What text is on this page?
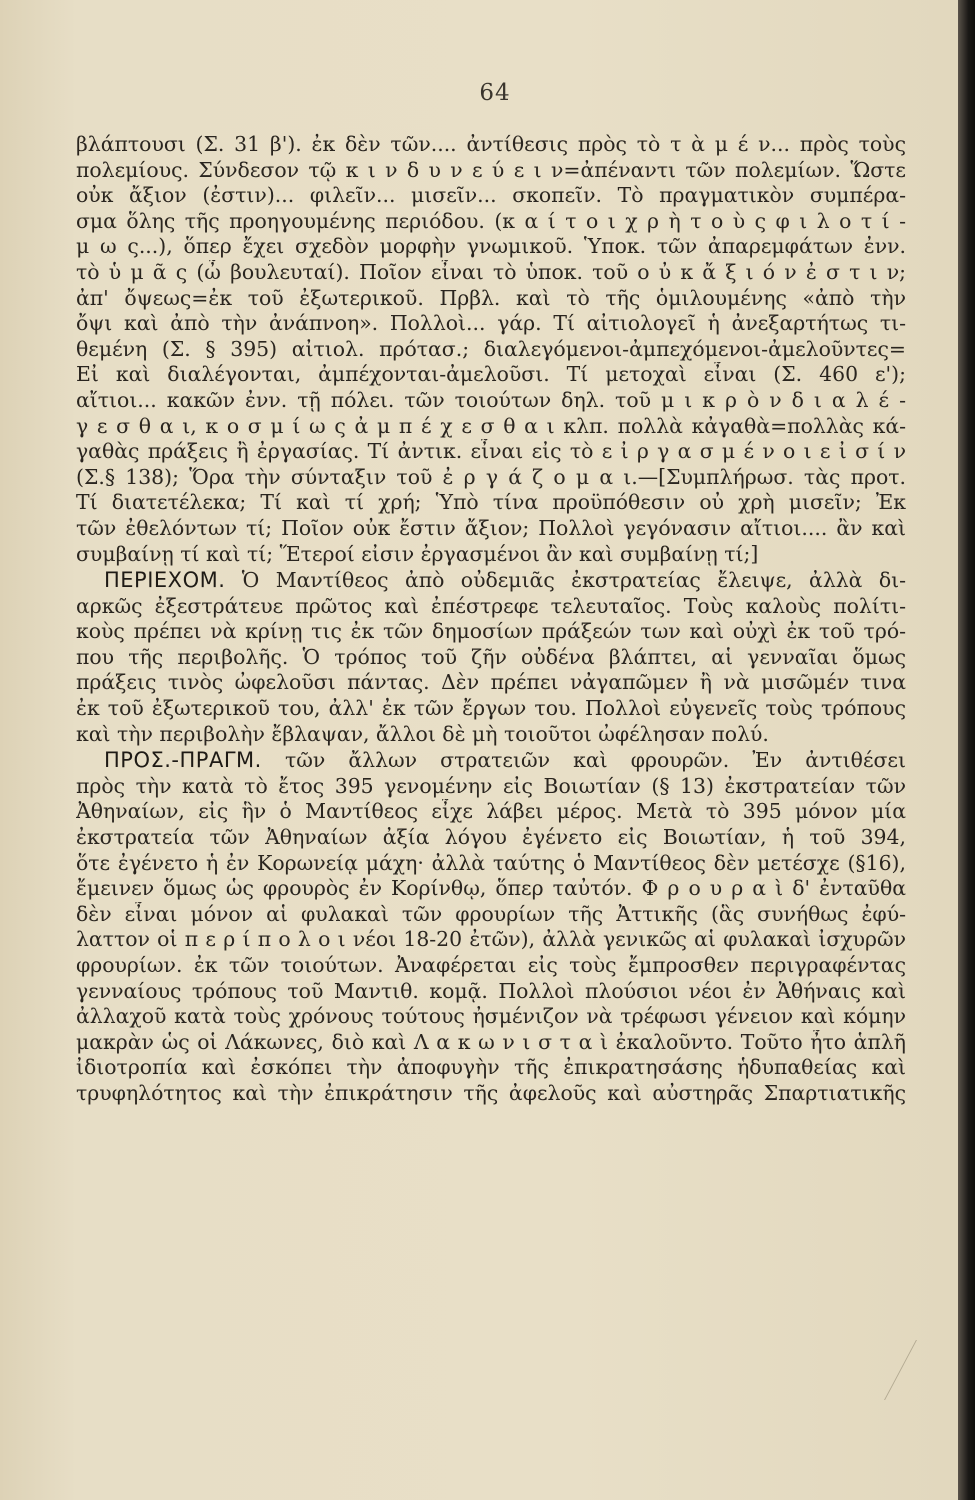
64
βλάπτουσι (Σ. 31 β'). ἐκ δὲν τῶν.... ἀντίθεσις πρὸς τὸ τ ὰ μ έ ν... πρὸς τοὺς
πολεμίους. Σύνδεσον τῷ κ ι ν δ υ ν ε ύ ε ι ν=ἀπέναντι τῶν πολεμίων. Ὥστε
οὐκ ἄξιον (ἐστιν)... φιλεῖν... μισεῖν... σκοπεῖν. Τὸ πραγματικὸν συμπέρα-
σμα ὅλης τῆς προηγουμένης περιόδου. (κ α ί τ ο ι χ ρ ὴ τ ο ὺ ς φ ι λ ο τ ί -
μ ω ς...), ὅπερ ἔχει σχεδὸν μορφὴν γνωμικοῦ. Ὑποκ. τῶν ἀπαρεμφάτων ἐνν.
τὸ ὑ μ ᾶ ς (ὦ βουλευταί). Ποῖον εἶναι τὸ ὑποκ. τοῦ ο ὐ κ ἄ ξ ι ό ν ἐ σ τ ι ν;
ἀπ' ὄψεως=ἐκ τοῦ ἐξωτερικοῦ. Πρβλ. καὶ τὸ τῆς ὁμιλουμένης «ἀπὸ τὴν
ὄψι καὶ ἀπὸ τὴν ἀνάπνοη». Πολλοὶ... γάρ. Τί αἰτιολογεῖ ἡ ἀνεξαρτήτως τι-
θεμένη (Σ. § 395) αἰτιολ. πρότασ.; διαλεγόμενοι-ἀμπεχόμενοι-ἀμελοῦντες=
Εἰ καὶ διαλέγονται, ἀμπέχονται-ἀμελοῦσι. Τί μετοχαὶ εἶναι (Σ. 460 ε');
αἴτιοι... κακῶν ἐνν. τῇ πόλει. τῶν τοιούτων δηλ. τοῦ μ ι κ ρ ὸ ν δ ι α λ έ -
γ ε σ θ α ι, κ ο σ μ ί ω ς ἀ μ π έ χ ε σ θ α ι κλπ. πολλὰ κἀγαθὰ=πολλὰς κά-
γαθὰς πράξεις ἢ ἐργασίας. Τί ἀντικ. εἶναι εἰς τὸ ε ἰ ρ γ α σ μ έ ν ο ι ε ἰ σ ί ν
(Σ.§ 138); Ὅρα τὴν σύνταξιν τοῦ ἐ ρ γ ά ζ ο μ α ι.—[Συμπλήρωσ. τὰς προτ.
Τί διατετέλεκα; Τί καὶ τί χρή; Ὑπὸ τίνα προϋπόθεσιν οὐ χρὴ μισεῖν; Ἐκ
τῶν ἐθελόντων τί; Ποῖον οὐκ ἔστιν ἄξιον; Πολλοὶ γεγόνασιν αἴτιοι.... ἂν καὶ
συμβαίνῃ τί καὶ τί; Ἕτεροί εἰσιν ἐργασμένοι ἂν καὶ συμβαίνῃ τί;]
ΠΕΡΙΕΧΟΜ. Ὁ Μαντίθεος ἀπὸ οὐδεμιᾶς ἐκστρατείας ἔλειψε, ἀλλὰ δι-
αρκῶς ἐξεστράτευε πρῶτος καὶ ἐπέστρεφε τελευταῖος. Τοὺς καλοὺς πολίτι-
κοὺς πρέπει νὰ κρίνῃ τις ἐκ τῶν δημοσίων πράξεών των καὶ οὐχὶ ἐκ τοῦ τρό-
που τῆς περιβολῆς. Ὁ τρόπος τοῦ ζῆν οὐδένα βλάπτει, αἱ γενναῖαι ὅμως
πράξεις τινὸς ὠφελοῦσι πάντας. Δὲν πρέπει νἀγαπῶμεν ἢ νὰ μισῶμέν τινα
ἐκ τοῦ ἐξωτερικοῦ του, ἀλλ' ἐκ τῶν ἔργων του. Πολλοὶ εὐγενεῖς τοὺς τρόπους
καὶ τὴν περιβολὴν ἔβλαψαν, ἄλλοι δὲ μὴ τοιοῦτοι ὠφέλησαν πολύ.
ΠΡΟΣ.-ΠΡΑΓΜ. τῶν ἄλλων στρατειῶν καὶ φρουρῶν. Ἐν ἀντιθέσει
πρὸς τὴν κατὰ τὸ ἔτος 395 γενομένην εἰς Βοιωτίαν (§ 13) ἐκστρατείαν τῶν
Ἀθηναίων, εἰς ἣν ὁ Μαντίθεος εἶχε λάβει μέρος. Μετὰ τὸ 395 μόνον μία
ἐκστρατεία τῶν Ἀθηναίων ἀξία λόγου ἐγένετο εἰς Βοιωτίαν, ἡ τοῦ 394,
ὅτε ἐγένετο ἡ ἐν Κορωνείᾳ μάχη· ἀλλὰ ταύτης ὁ Μαντίθεος δὲν μετέσχε (§16),
ἔμεινεν ὅμως ὡς φρουρὸς ἐν Κορίνθῳ, ὅπερ ταὐτόν. Φ ρ ο υ ρ α ὶ δ' ἐνταῦθα
δὲν εἶναι μόνον αἱ φυλακαὶ τῶν φρουρίων τῆς Ἀττικῆς (ἃς συνήθως ἐφύ-
λαττον οἱ π ε ρ ί π ο λ ο ι νέοι 18-20 ἐτῶν), ἀλλὰ γενικῶς αἱ φυλακαὶ ἰσχυρῶν
φρουρίων. ἐκ τῶν τοιούτων. Ἀναφέρεται εἰς τοὺς ἔμπροσθεν περιγραφέντας
γενναίους τρόπους τοῦ Μαντιθ. κομᾷ. Πολλοὶ πλούσιοι νέοι ἐν Ἀθήναις καὶ
ἀλλαχοῦ κατὰ τοὺς χρόνους τούτους ἠσμένιζον νὰ τρέφωσι γένειον καὶ κόμην
μακρὰν ὡς οἱ Λάκωνες, διὸ καὶ Λ α κ ω ν ι σ τ α ὶ ἐκαλοῦντο. Τοῦτο ἦτο ἁπλῆ
ἰδιοτροπία καὶ ἐσκόπει τὴν ἀποφυγὴν τῆς ἐπικρατησάσης ἡδυπαθείας καὶ
τρυφηλότητος καὶ τὴν ἐπικράτησιν τῆς ἀφελοῦς καὶ αὐστηρᾶς Σπαρτιατικῆς
